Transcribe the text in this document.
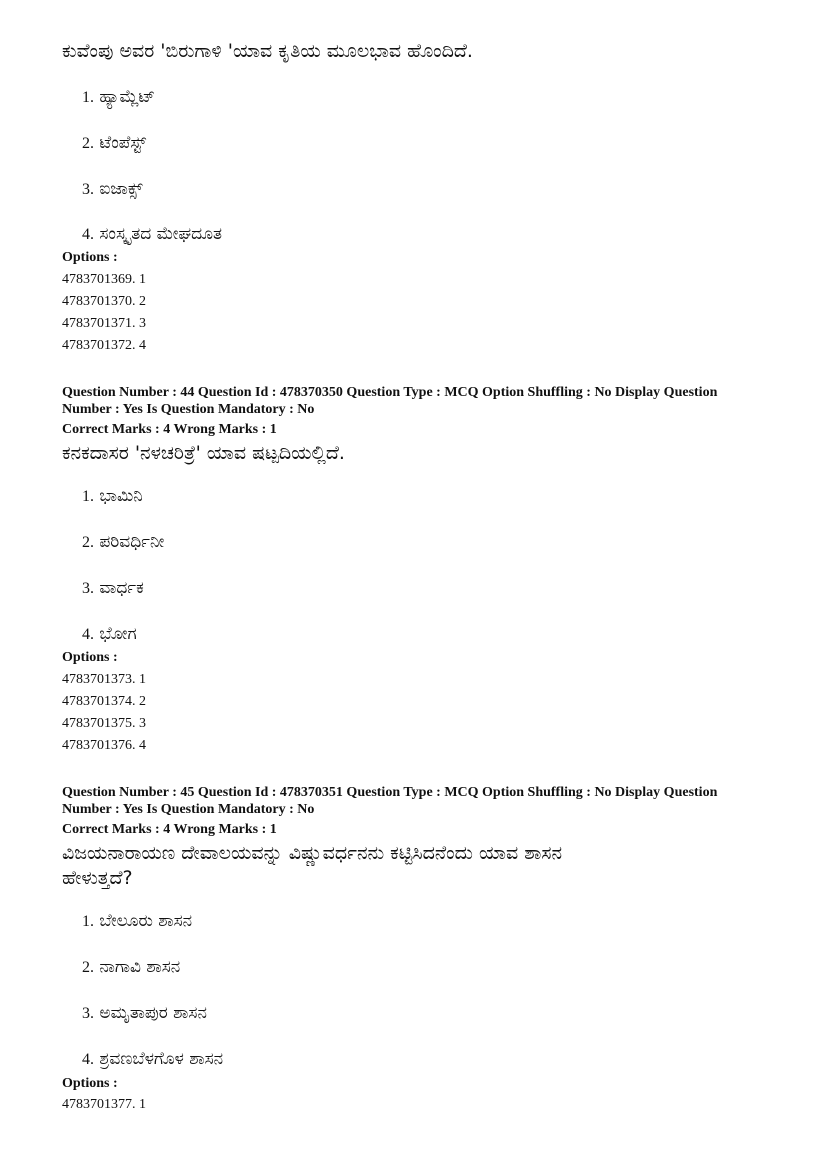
ಕುವೆಂಪು ಅವರ 'ಬಿರುಗಾಳಿ 'ಯಾವ ಕೃತಿಯ ಮೂಲಭಾವ ಹೊಂದಿದೆ.

1. ಹ್ಯಾಮ್ಲೆಟ್

2. ಟೆಂಪೆಸ್ಟ್

3. ಐಜಾಕ್ಸ್

4. ಸಂಸ್ಕೃತದ ಮೇಘದೂತ

Options :

4783701369. 1

4783701370. 2

4783701371. 3

4783701372. 4

Question Number : 44 Question Id : 478370350 Question Type : MCQ Option Shuffling : No Display Question

Number : Yes Is Question Mandatory : No

Correct Marks : 4 Wrong Marks : 1

ಕನಕದಾಸರ 'ನಳಚರಿತ್ರೆ' ಯಾವ ಷಟ್ಪದಿಯಲ್ಲಿದೆ.

1. ಭಾಮಿನಿ

2. ಪರಿವರ್ಧಿನೀ

3. ವಾರ್ಧಕ

4. ಭೋಗ

Options :

4783701373. 1

4783701374. 2

4783701375. 3

4783701376. 4

Question Number : 45 Question Id : 478370351 Question Type : MCQ Option Shuffling : No Display Question

Number : Yes Is Question Mandatory : No

Correct Marks : 4 Wrong Marks : 1

ವಿಜಯನಾರಾಯಣ ದೇವಾಲಯವನ್ನು ವಿಷ್ಣುವರ್ಧನನು ಕಟ್ಟಿಸಿದನೆಂದು ಯಾವ ಶಾಸನ

ಹೇಳುತ್ತದೆ?

1. ಬೇಲೂರು ಶಾಸನ

2. ನಾಗಾವಿ ಶಾಸನ

3. ಅಮೃತಾಪುರ ಶಾಸನ

4. ಶ್ರವಣಬೆಳಗೊಳ ಶಾಸನ

Options :

4783701377. 1
